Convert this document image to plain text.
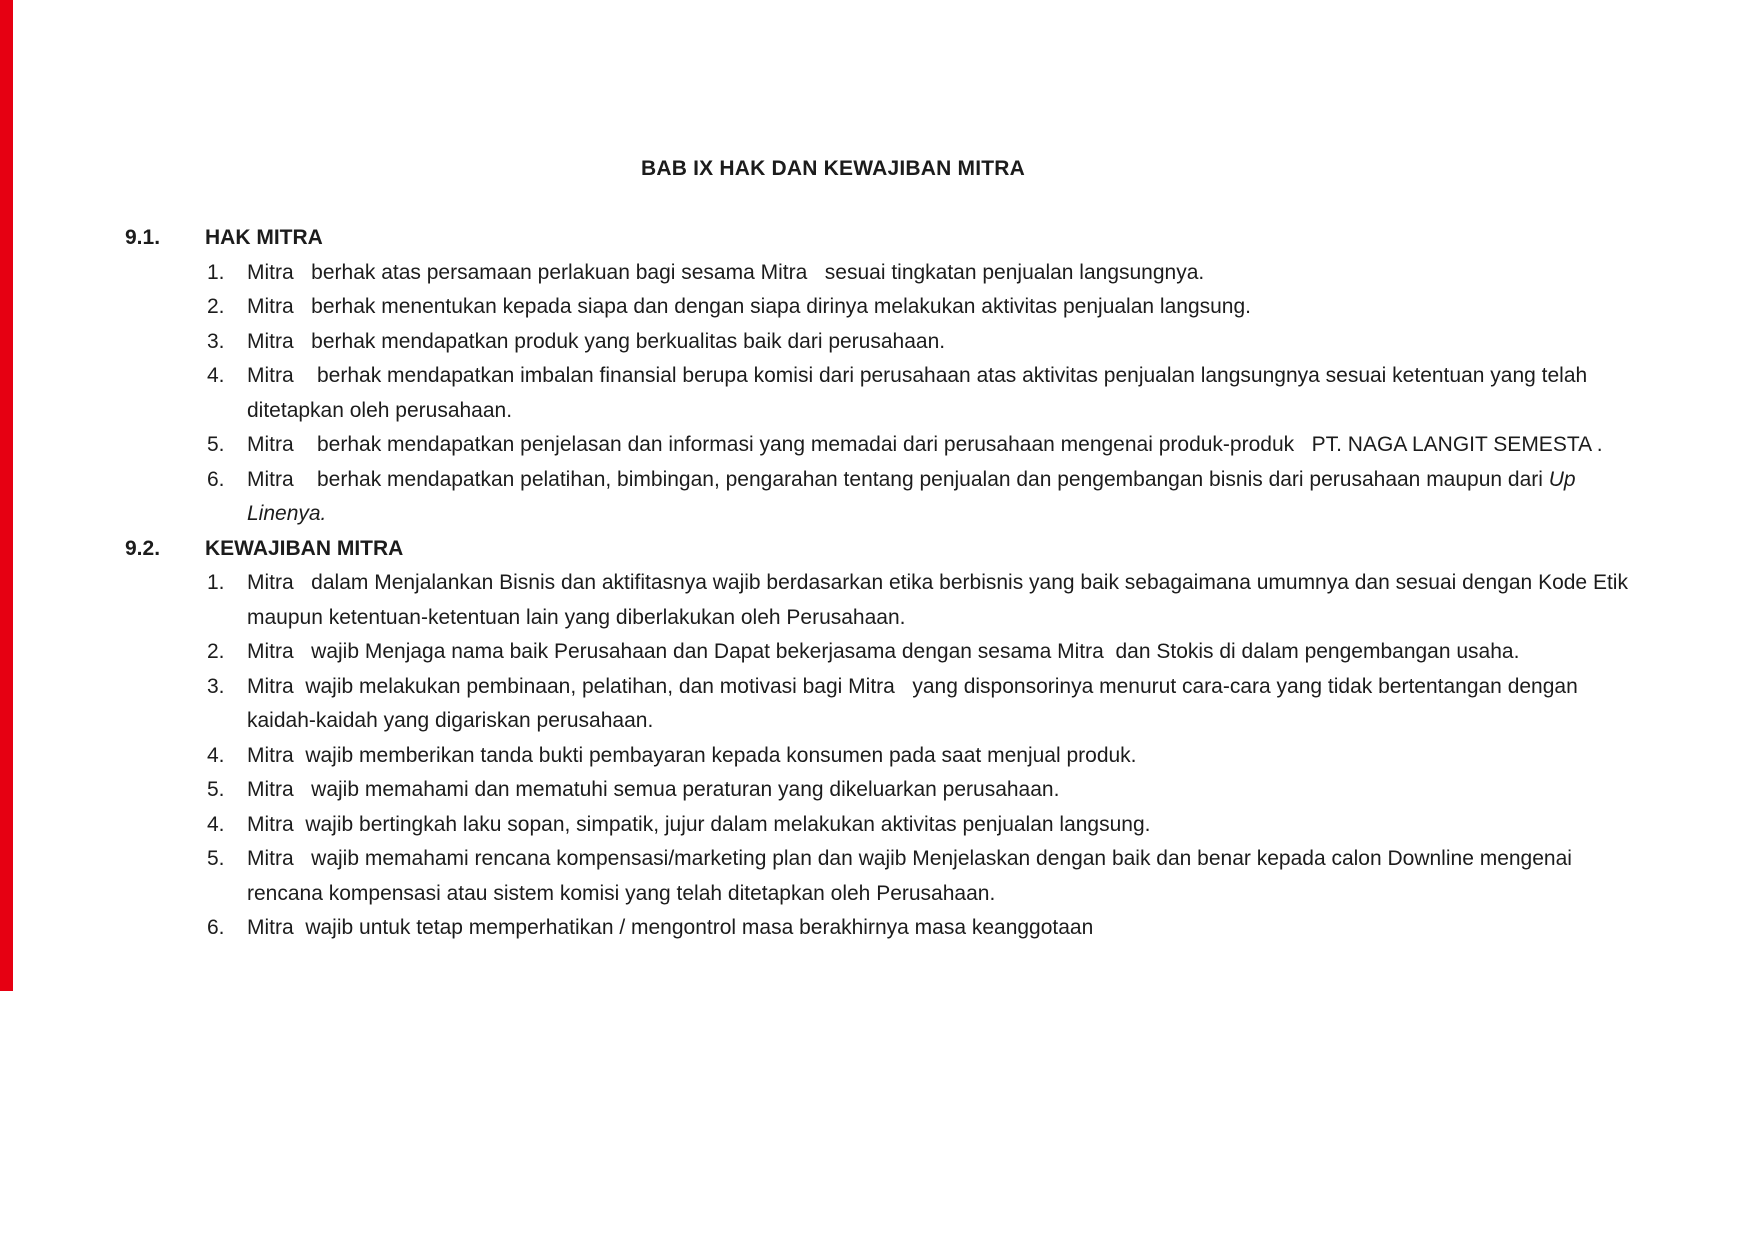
BAB IX HAK DAN KEWAJIBAN MITRA
9.1.	HAK MITRA
1.	Mitra   berhak atas persamaan perlakuan bagi sesama Mitra   sesuai tingkatan penjualan langsungnya.
2.	Mitra   berhak menentukan kepada siapa dan dengan siapa dirinya melakukan aktivitas penjualan langsung.
3.	Mitra   berhak mendapatkan produk yang berkualitas baik dari perusahaan.
4.	Mitra    berhak mendapatkan imbalan finansial berupa komisi dari perusahaan atas aktivitas penjualan langsungnya sesuai ketentuan yang telah ditetapkan oleh perusahaan.
5.	Mitra    berhak mendapatkan penjelasan dan informasi yang memadai dari perusahaan mengenai produk-produk   PT. NAGA LANGIT SEMESTA .
6.	Mitra    berhak mendapatkan pelatihan, bimbingan, pengarahan tentang penjualan dan pengembangan bisnis dari perusahaan maupun dari Up Linenya.
9.2.	KEWAJIBAN MITRA
1.	Mitra   dalam Menjalankan Bisnis dan aktifitasnya wajib berdasarkan etika berbisnis yang baik sebagaimana umumnya dan sesuai dengan Kode Etik maupun ketentuan-ketentuan lain yang diberlakukan oleh Perusahaan.
2.	Mitra   wajib Menjaga nama baik Perusahaan dan Dapat bekerjasama dengan sesama Mitra  dan Stokis di dalam pengembangan usaha.
3.	Mitra  wajib melakukan pembinaan, pelatihan, dan motivasi bagi Mitra   yang disponsorinya menurut cara-cara yang tidak bertentangan dengan kaidah-kaidah yang digariskan perusahaan.
4.	Mitra  wajib memberikan tanda bukti pembayaran kepada konsumen pada saat menjual produk.
5.	Mitra   wajib memahami dan mematuhi semua peraturan yang dikeluarkan perusahaan.
4.	Mitra  wajib bertingkah laku sopan, simpatik, jujur dalam melakukan aktivitas penjualan langsung.
5.	Mitra   wajib memahami rencana kompensasi/marketing plan dan wajib Menjelaskan dengan baik dan benar kepada calon Downline mengenai rencana kompensasi atau sistem komisi yang telah ditetapkan oleh Perusahaan.
6.	Mitra  wajib untuk tetap memperhatikan / mengontrol masa berakhirnya masa keanggotaan
